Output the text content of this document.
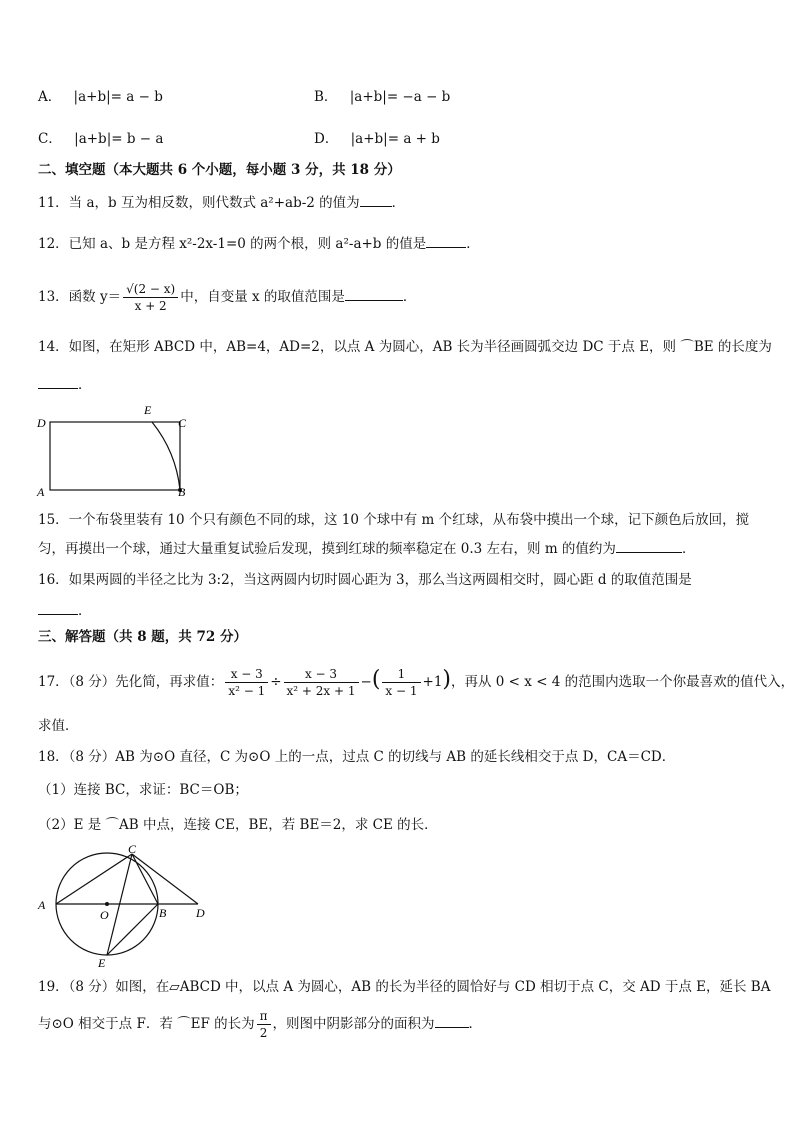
A． |a+b|= a − b	B． |a+b|= −a − b
C． |a+b|= b − a	D． |a+b|= a + b
二、填空题（本大题共 6 个小题，每小题 3 分，共 18 分）
11．当 a，b 互为相反数，则代数式 a²+ab-2 的值为 ．
12．已知 a、b 是方程 x²-2x-1=0 的两个根，则 a²-a+b 的值是	．
13．函数 $y= \frac{√(2 - x)}{x + 2}$ 中，自变量 x 的取值范围是	．
14．如图，在矩形 ABCD 中，AB=4，AD=2，以点 A 为圆心，AB 长为半径画圆弧交边 DC 于点 E，则 ⌒BE 的长度为
．
D
E
C
A	B
15．一个布袋里装有 10 个只有颜色不同的球，这 10 个球中有 m 个红球，从布袋中摸出一个球，记下颜色后放回，搅
匀，再摸出一个球，通过大量重复试验后发现，摸到红球的频率稳定在 0.3 左右，则 m 的值约为	．
16．如果两圆的半径之比为 3:2，当这两圆内切时圆心距为 3，那么当这两圆相交时，圆心距 d 的取值范围是
．
三、解答题（共 8 题，共 72 分）
17．（8 分）先化简，再求值： $\frac{x - 3}{\text{x² − 1}} \div \frac{x - 3}{\text{x² + 2x + 1}}$ −( $\frac{1}{x - 1} +1$)，再从 0 < x < 4 的范围内选取一个你最喜欢的值代入，
求值．
18．（8 分）AB 为⊙O 直径，C 为⊙O 上的一点，过点 C 的切线与 AB 的延长线相交于点 D，CA＝CD．
（1）连接 BC，求证：BC＝OB；
（2）E 是 ⌒AB 中点，连接 CE，BE，若 BE＝2，求 CE 的长．
A
O	B
C
D
E
19．（8 分）如图，在▱ABCD 中，以点 A 为圆心，AB 的长为半径的圆恰好与 CD 相切于点 C，交 AD 于点 E，延长 BA
与⊙O 相交于点 F．若 ⌒EF 的长为 $\frac{\pi}{2}$ ，则图中阴影部分的面积为	．
